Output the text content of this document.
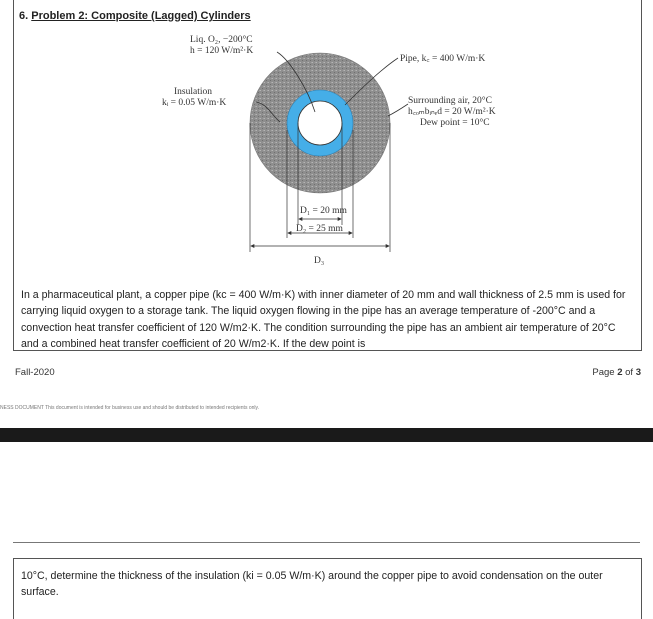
6. Problem 2: Composite (Lagged) Cylinders
Liq. O₂, −200°C h = 120 W/m²·K
Insulation kᵢ = 0.05 W/m·K
Pipe, k꜀ = 400 W/m·K
Surrounding air, 20°C h꜀ₒₘbᵢₙₑd = 20 W/m²·K Dew point = 10°C
D₁ = 20 mm
D₂ = 25 mm
D₃
In a pharmaceutical plant, a copper pipe (kc = 400 W/m·K) with inner diameter of 20 mm and wall thickness of 2.5 mm is used for carrying liquid oxygen to a storage tank. The liquid oxygen flowing in the pipe has an average temperature of -200°C and a convection heat transfer coefficient of 120 W/m2·K. The condition surrounding the pipe has an ambient air temperature of 20°C and a combined heat transfer coefficient of 20 W/m2·K. If the dew point is
Fall-2020	Page 2 of 3
NESS DOCUMENT This document is intended for business use and should be distributed to intended recipients only.
10°C, determine the thickness of the insulation (ki = 0.05 W/m·K) around the copper pipe to avoid condensation on the outer surface.
